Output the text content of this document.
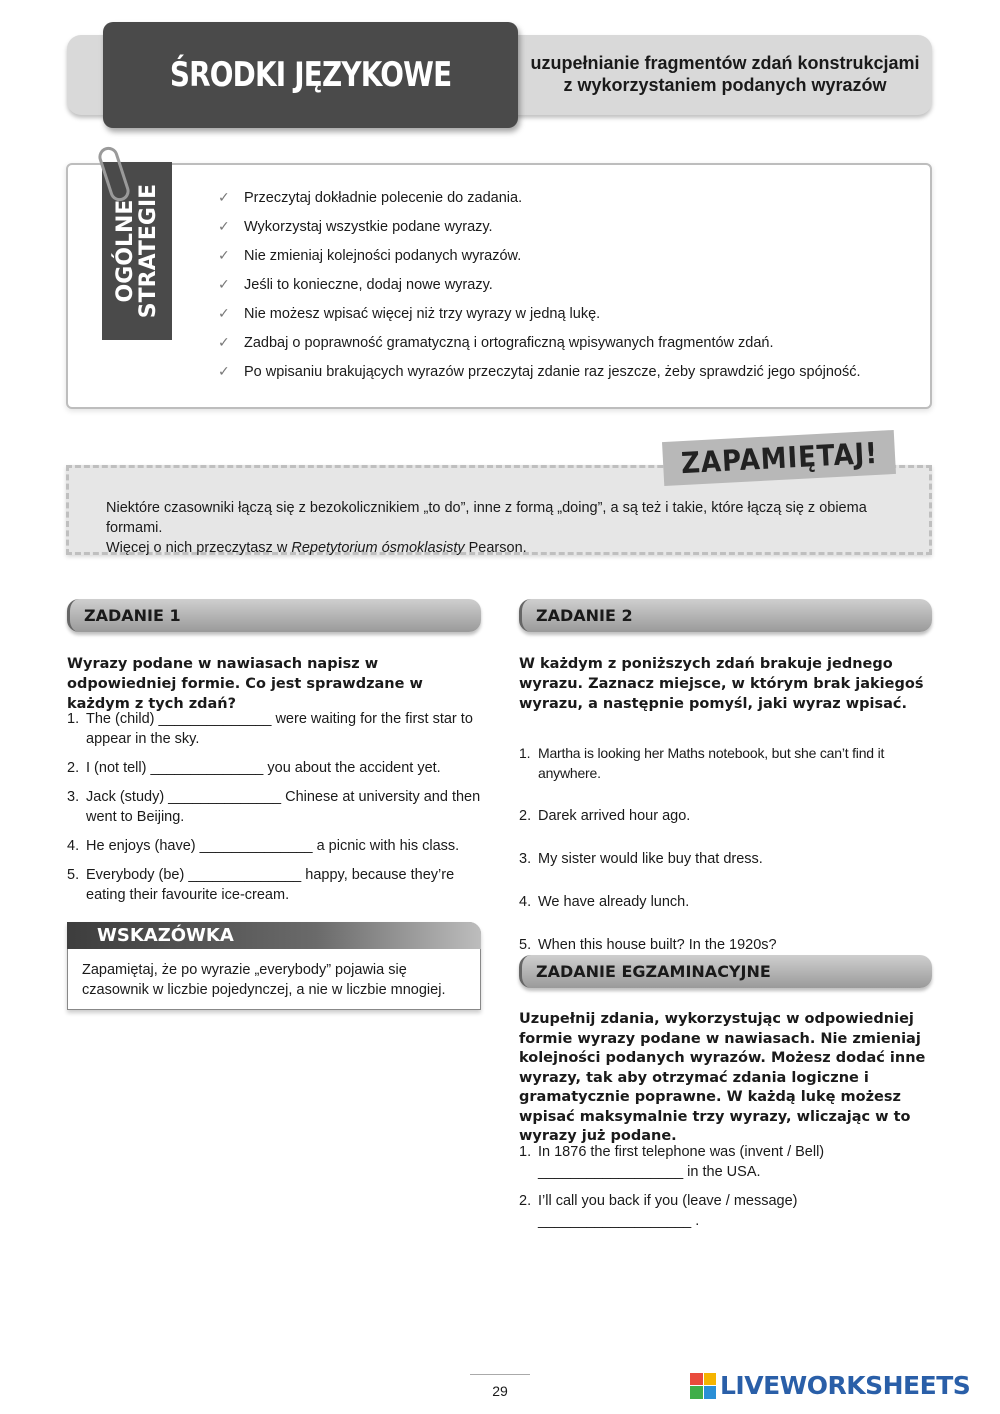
ŚRODKI JĘZYKOWE	uzupełnianie fragmentów zdań konstrukcjami
z wykorzystaniem podanych wyrazów
OGÓLNE
STRATEGIE	✓ Przeczytaj dokładnie polecenie do zadania.
✓ Wykorzystaj wszystkie podane wyrazy.
✓ Nie zmieniaj kolejności podanych wyrazów.
✓ Jeśli to konieczne, dodaj nowe wyrazy.
✓ Nie możesz wpisać więcej niż trzy wyrazy w jedną lukę.
✓ Zadbaj o poprawność gramatyczną i ortograficzną wpisywanych fragmentów zdań.
✓ Po wpisaniu brakujących wyrazów przeczytaj zdanie raz jeszcze, żeby sprawdzić jego spójność.
ZAPAMIĘTAJ!
Niektóre czasowniki łączą się z bezokolicznikiem „to do”, inne z formą „doing”, a są też i takie, które łączą się z obiema formami.
Więcej o nich przeczytasz w Repetytorium ósmoklasisty Pearson.
ZADANIE 1
Wyrazy podane w nawiasach napisz w odpowiedniej formie. Co jest sprawdzane w każdym z tych zdań?
1. The (child) ______________ were waiting for the first star to appear in the sky.
2. I (not tell) ______________ you about the accident yet.
3. Jack (study) ______________ Chinese at university and then went to Beijing.
4. He enjoys (have) ______________ a picnic with his class.
5. Everybody (be) ______________ happy, because they’re eating their favourite ice-cream.
WSKAZÓWKA
Zapamiętaj, że po wyrazie „everybody” pojawia się czasownik w liczbie pojedynczej, a nie w liczbie mnogiej.
ZADANIE 2
W każdym z poniższych zdań brakuje jednego wyrazu. Zaznacz miejsce, w którym brak jakiegoś wyrazu, a następnie pomyśl, jaki wyraz wpisać.
1. Martha is looking her Maths notebook, but she can’t find it anywhere.
2. Darek arrived hour ago.
3. My sister would like buy that dress.
4. We have already lunch.
5. When this house built? In the 1920s?
ZADANIE EGZAMINACYJNE
Uzupełnij zdania, wykorzystując w odpowiedniej formie wyrazy podane w nawiasach. Nie zmieniaj kolejności podanych wyrazów. Możesz dodać inne wyrazy, tak aby otrzymać zdania logiczne i gramatycznie poprawne. W każdą lukę możesz wpisać maksymalnie trzy wyrazy, wliczając w to wyrazy już podane.
1. In 1876 the first telephone was (invent / Bell) __________________ in the USA.
2. I’ll call you back if you (leave / message) ___________________ .
29	LIVEWORKSHEETS
